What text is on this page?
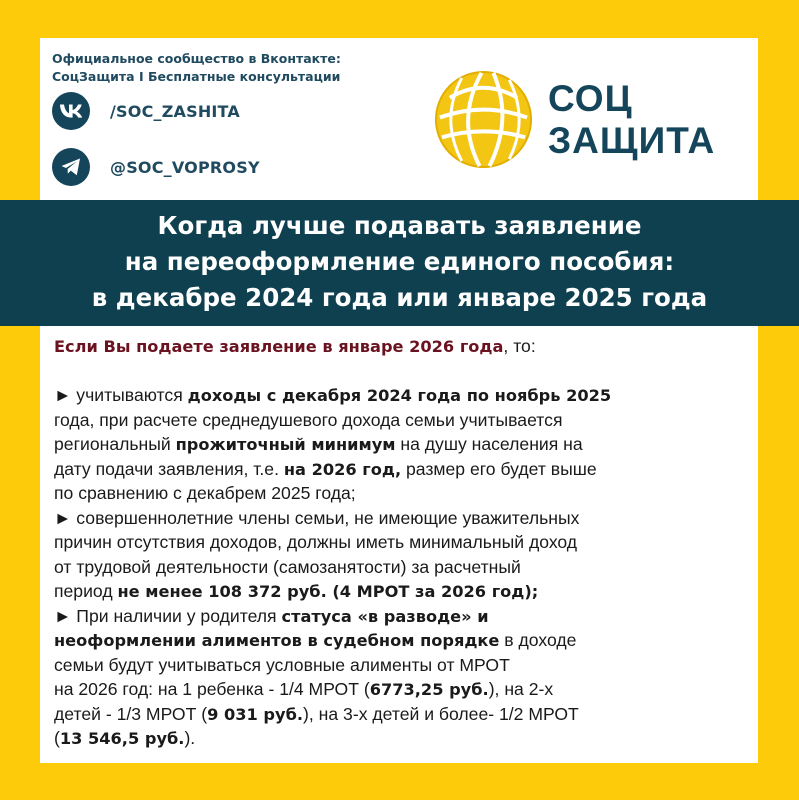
Официальное сообщество в Вконтакте:
СоцЗащита I Бесплатные консультации
/SOC_ZASHITA
@SOC_VOPROSY
СОЦ
ЗАЩИТА
Когда лучше подавать заявление
на переоформление единого пособия:
в декабре 2024 года или январе 2025 года
Если Вы подаете заявление в январе 2026 года, то:
► учитываются доходы с декабря 2024 года по ноябрь 2025
года, при расчете среднедушевого дохода семьи учитывается
региональный прожиточный минимум на душу населения на
дату подачи заявления, т.е. на 2026 год, размер его будет выше
по сравнению с декабрем 2025 года;
► совершеннолетние члены семьи, не имеющие уважительных
причин отсутствия доходов, должны иметь минимальный доход
от трудовой деятельности (самозанятости) за расчетный
период не менее 108 372 руб. (4 МРОТ за 2026 год);
► При наличии у родителя статуса «в разводе» и
неоформлении алиментов в судебном порядке в доходе
семьи будут учитываться условные алименты от МРОТ
на 2026 год: на 1 ребенка - 1/4 МРОТ (6773,25 руб.), на 2-х
детей - 1/3 МРОТ (9 031 руб.), на 3-х детей и более- 1/2 МРОТ
(13 546,5 руб.).
